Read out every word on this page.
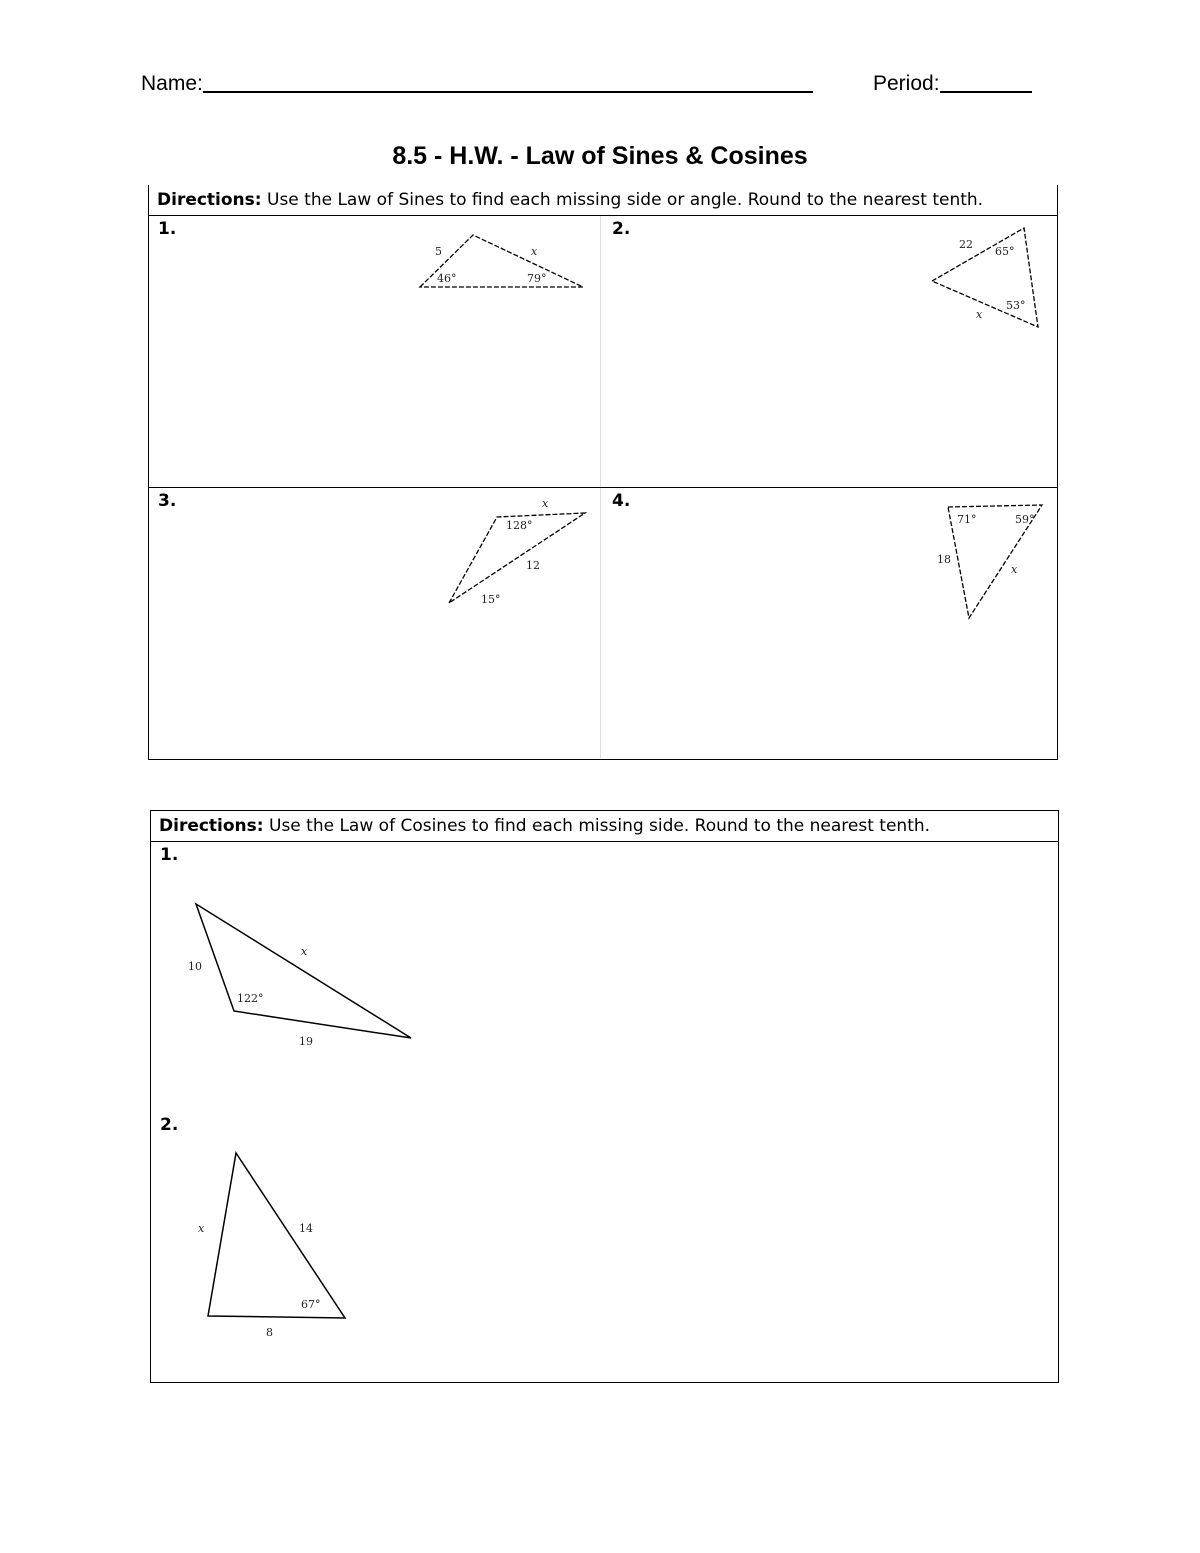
Name:	Period:
8.5 - H.W. - Law of Sines & Cosines
Directions: Use the Law of Sines to find each missing side or angle. Round to the nearest tenth.
1.	2.
3.	4.
5	x
46°	79°
22
65°
53°
x
x
128°
12
15°
71°	59°
18
x
Directions: Use the Law of Cosines to find each missing side. Round to the nearest tenth.
1.
2.
10
x
122°
19
x	14
67°
8
